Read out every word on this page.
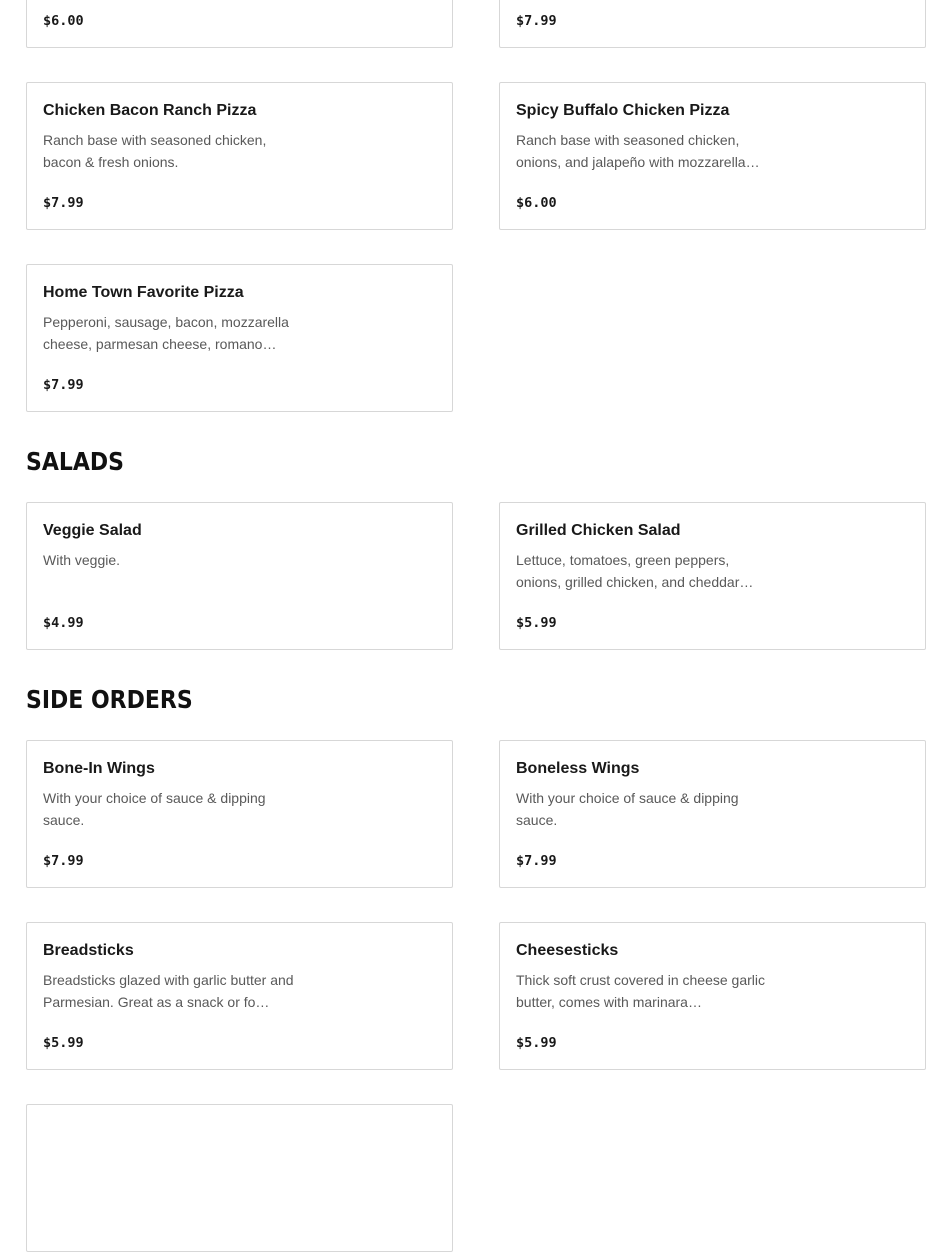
$6.00	$7.99

Chicken Bacon Ranch Pizza

Ranch base with seasoned chicken, bacon & fresh onions.

$7.99

Spicy Buffalo Chicken Pizza

Ranch base with seasoned chicken, onions, and jalapeño with mozzarella…

$6.00

Home Town Favorite Pizza

Pepperoni, sausage, bacon, mozzarella cheese, parmesan cheese, romano…

$7.99

SALADS
Veggie Salad

With veggie.

$4.99

Grilled Chicken Salad

Lettuce, tomatoes, green peppers, onions, grilled chicken, and cheddar…

$5.99

SIDE ORDERS
Bone-In Wings

With your choice of sauce & dipping sauce.

$7.99

Boneless Wings

With your choice of sauce & dipping sauce.

$7.99

Breadsticks

Breadsticks glazed with garlic butter and Parmesian. Great as a snack or fo…

$5.99

Cheesesticks

Thick soft crust covered in cheese garlic butter, comes with marinara…

$5.99
